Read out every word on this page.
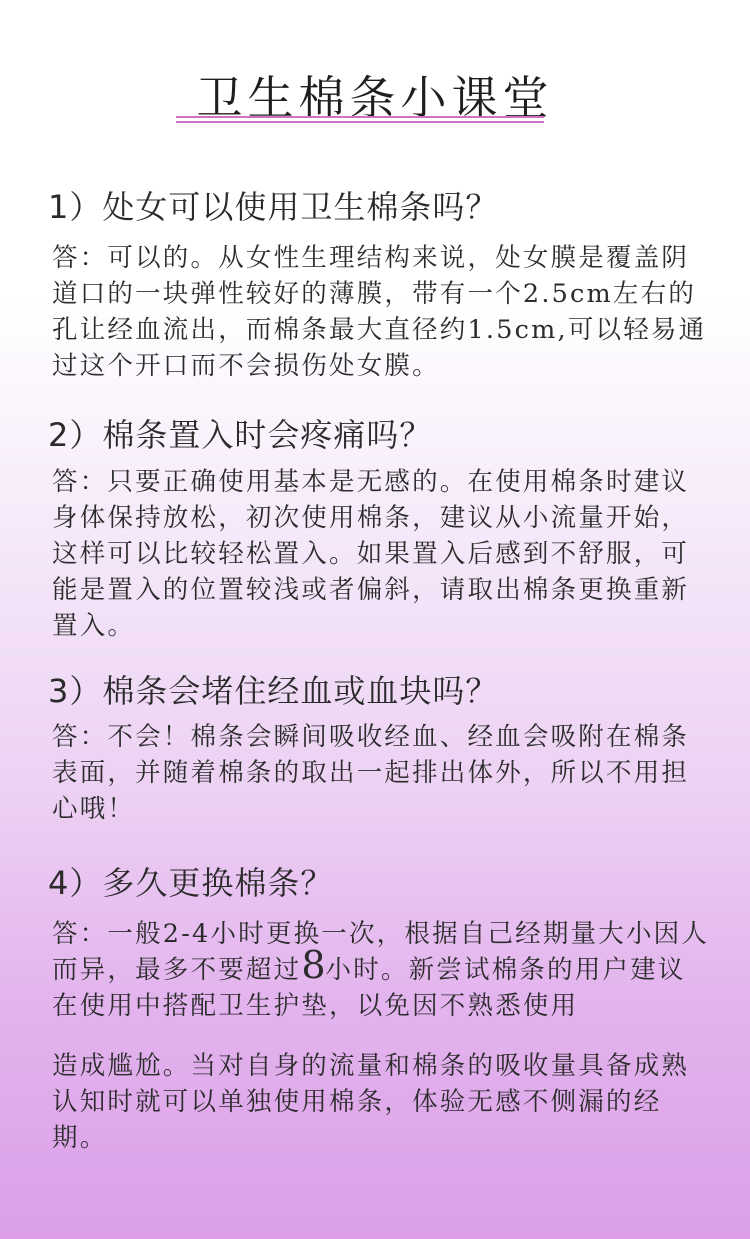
卫生棉条小课堂
1）处女可以使用卫生棉条吗？
答：可以的。从女性生理结构来说，处女膜是覆盖阴道口的一块弹性较好的薄膜，带有一个2.5cm左右的孔让经血流出，而棉条最大直径约1.5cm,可以轻易通过这个开口而不会损伤处女膜。
2）棉条置入时会疼痛吗？
答：只要正确使用基本是无感的。在使用棉条时建议身体保持放松，初次使用棉条，建议从小流量开始，这样可以比较轻松置入。如果置入后感到不舒服，可能是置入的位置较浅或者偏斜，请取出棉条更换重新置入。
3）棉条会堵住经血或血块吗？
答：不会！棉条会瞬间吸收经血、经血会吸附在棉条表面，并随着棉条的取出一起排出体外，所以不用担心哦！
4）多久更换棉条？
答：一般2-4小时更换一次，根据自己经期量大小因人而异，最多不要超过8小时。新尝试棉条的用户建议在使用中搭配卫生护垫，以免因不熟悉使用
造成尴尬。当对自身的流量和棉条的吸收量具备成熟认知时就可以单独使用棉条，体验无感不侧漏的经期。
